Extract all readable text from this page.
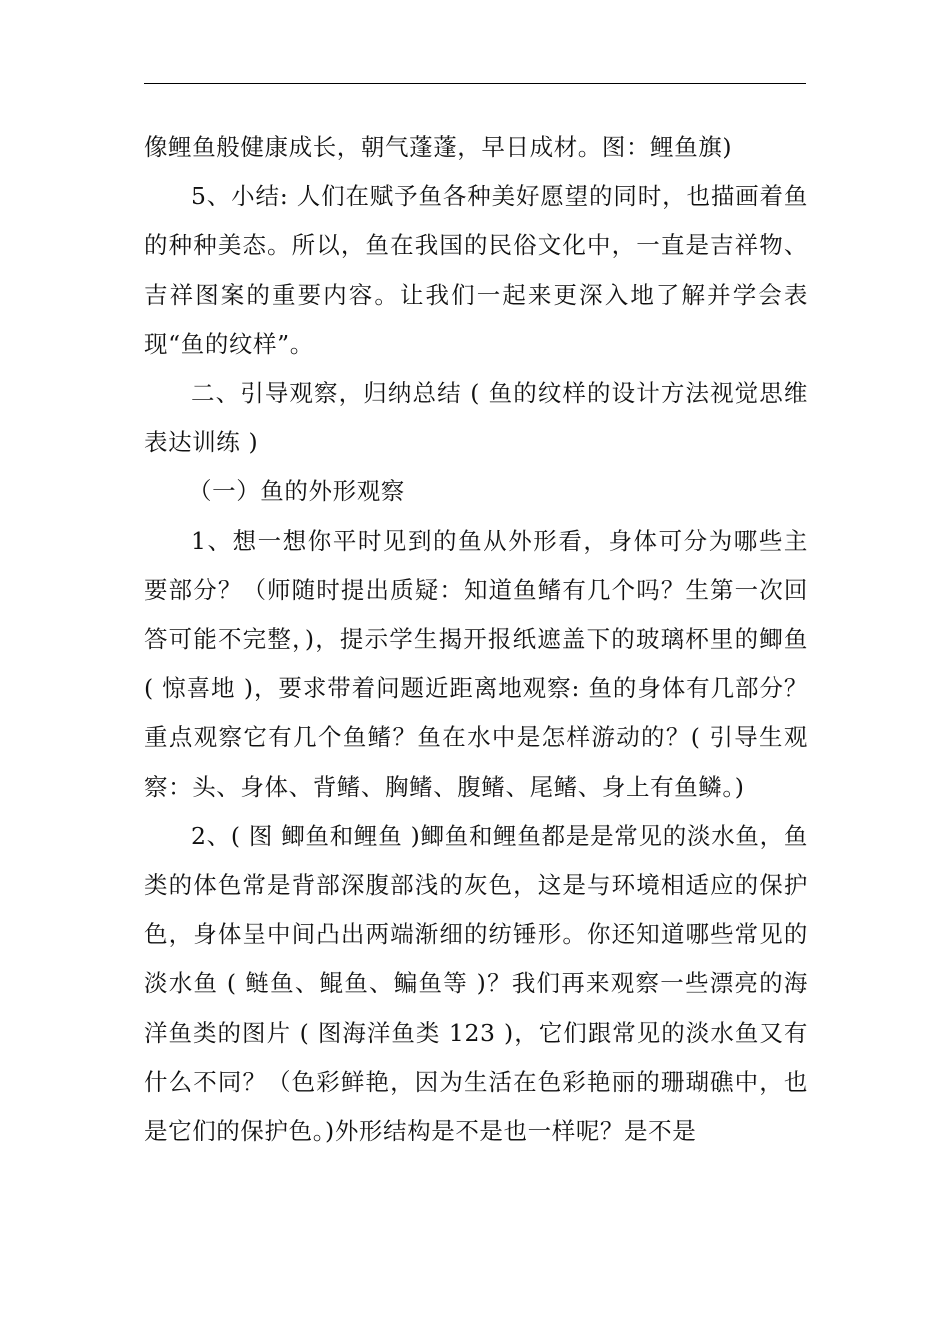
像鲤鱼般健康成长，朝气蓬蓬，早日成材。图：鲤鱼旗)

5、小结: 人们在赋予鱼各种美好愿望的同时，也描画着鱼的种种美态。所以，鱼在我国的民俗文化中，一直是吉祥物、吉祥图案的重要内容。让我们一起来更深入地了解并学会表现“鱼的纹样”。

二、引导观察，归纳总结 ( 鱼的纹样的设计方法视觉思维表达训练 )

（一）鱼的外形观察

1、想一想你平时见到的鱼从外形看，身体可分为哪些主要部分？（师随时提出质疑：知道鱼鳍有几个吗？生第一次回答可能不完整，)，提示学生揭开报纸遮盖下的玻璃杯里的鲫鱼 ( 惊喜地 )，要求带着问题近距离地观察: 鱼的身体有几部分？重点观察它有几个鱼鳍？鱼在水中是怎样游动的？( 引导生观察：头、身体、背鳍、胸鳍、腹鳍、尾鳍、身上有鱼鳞。)

2、( 图 鲫鱼和鲤鱼 )鲫鱼和鲤鱼都是是常见的淡水鱼，鱼类的体色常是背部深腹部浅的灰色，这是与环境相适应的保护色，身体呈中间凸出两端渐细的纺锤形。你还知道哪些常见的淡水鱼 ( 鲢鱼、鲲鱼、鳊鱼等 )？我们再来观察一些漂亮的海洋鱼类的图片 ( 图海洋鱼类 123 )，它们跟常见的淡水鱼又有什么不同？（色彩鲜艳，因为生活在色彩艳丽的珊瑚礁中，也是它们的保护色。)外形结构是不是也一样呢？是不是
